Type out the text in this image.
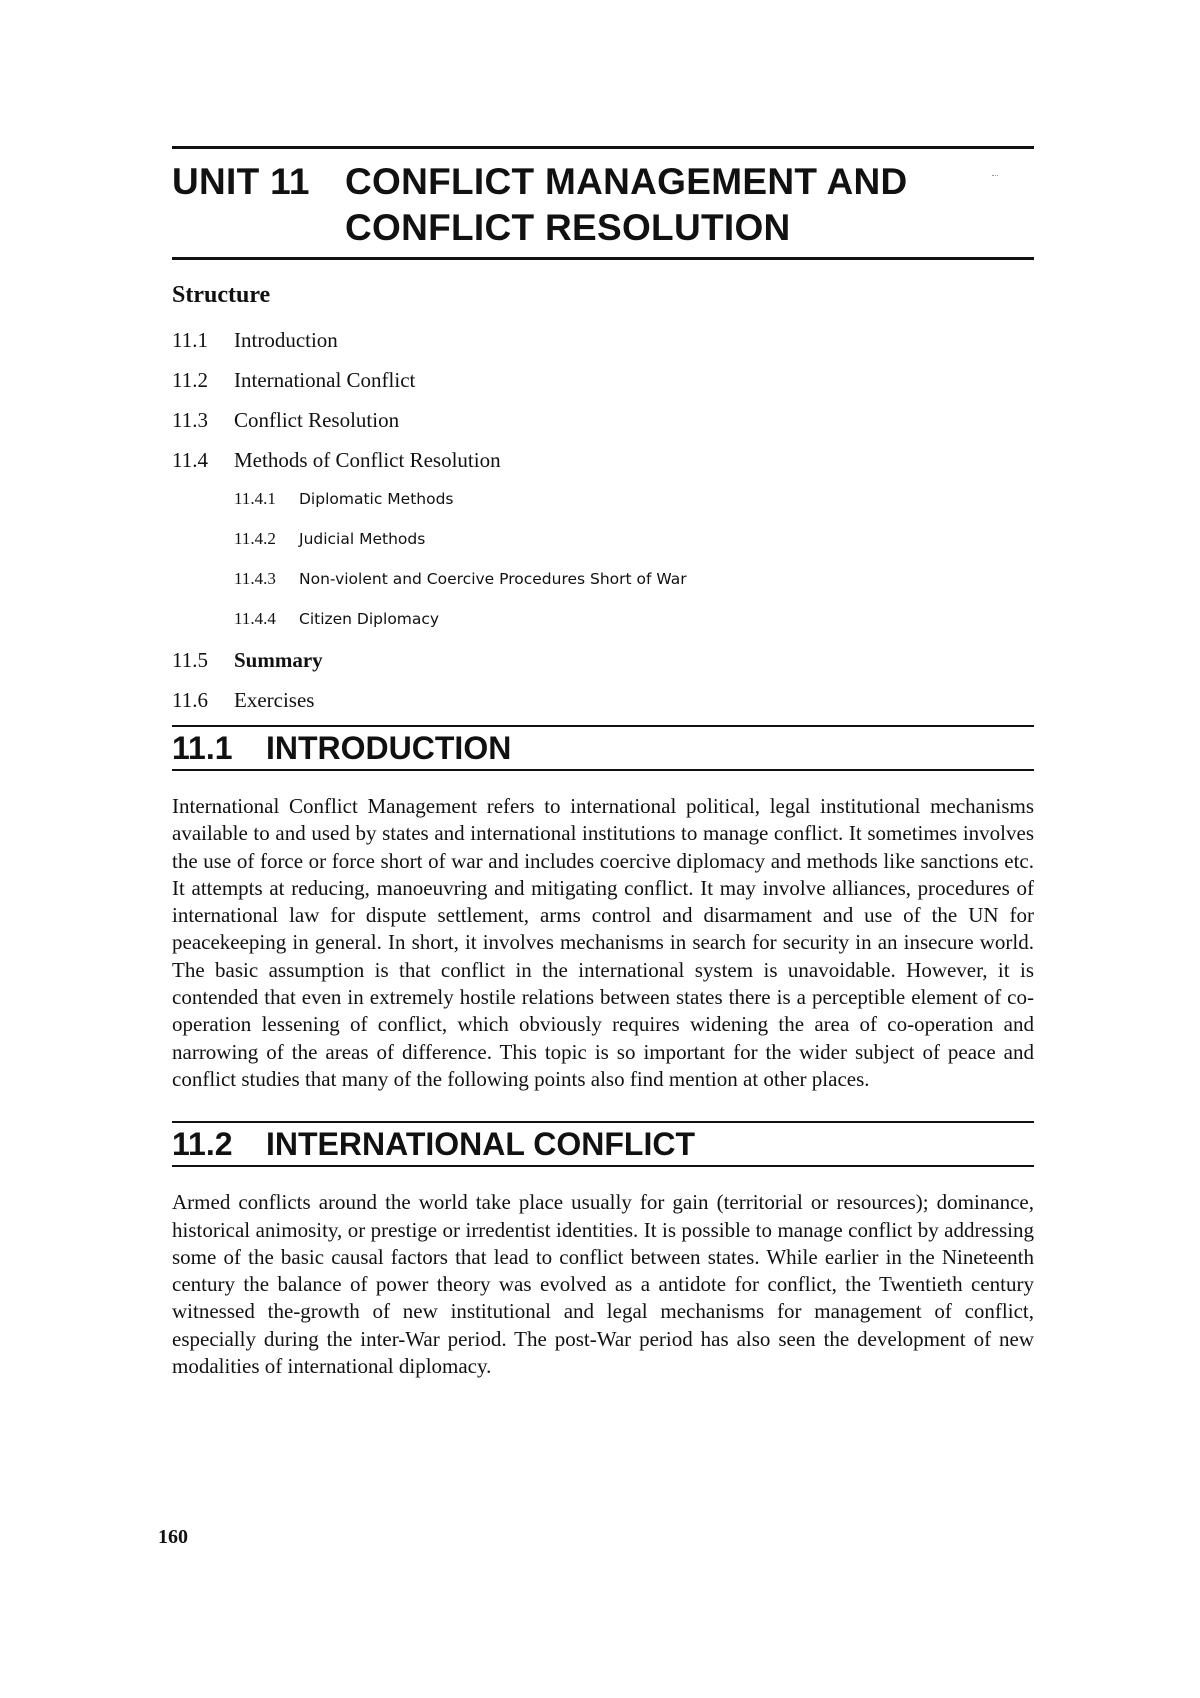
UNIT 11 CONFLICT MANAGEMENT AND
CONFLICT RESOLUTION
Structure
11.1	Introduction
11.2	International Conflict
11.3	Conflict Resolution
11.4	Methods of Conflict Resolution
11.4.1	Diplomatic Methods
11.4.2	Judicial Methods
11.4.3	Non-violent and Coercive Procedures Short of War
11.4.4	Citizen Diplomacy
11.5	Summary
11.6	Exercises
11.1	INTRODUCTION

International Conflict Management refers to international political, legal institutional mechanisms available to and used by states and international institutions to manage conflict. It sometimes involves the use of force or force short of war and includes coercive diplomacy and methods like sanctions etc. It attempts at reducing, manoeuvring and mitigating conflict. It may involve alliances, procedures of international law for dispute settlement, arms control and disarmament and use of the UN for peacekeeping in general. In short, it involves mechanisms in search for security in an insecure world. The basic assumption is that conflict in the international system is unavoidable. However, it is contended that even in extremely hostile relations between states there is a perceptible element of co-operation lessening of conflict, which obviously requires widening the area of co-operation and narrowing of the areas of difference. This topic is so important for the wider subject of peace and conflict studies that many of the following points also find mention at other places.

11.2	INTERNATIONAL CONFLICT

Armed conflicts around the world take place usually for gain (territorial or resources); dominance, historical animosity, or prestige or irredentist identities. It is possible to manage conflict by addressing some of the basic causal factors that lead to conflict between states. While earlier in the Nineteenth century the balance of power theory was evolved as a antidote for conflict, the Twentieth century witnessed the-growth of new institutional and legal mechanisms for management of conflict, especially during the inter-War period. The post-War period has also seen the development of new modalities of international diplomacy.

160
